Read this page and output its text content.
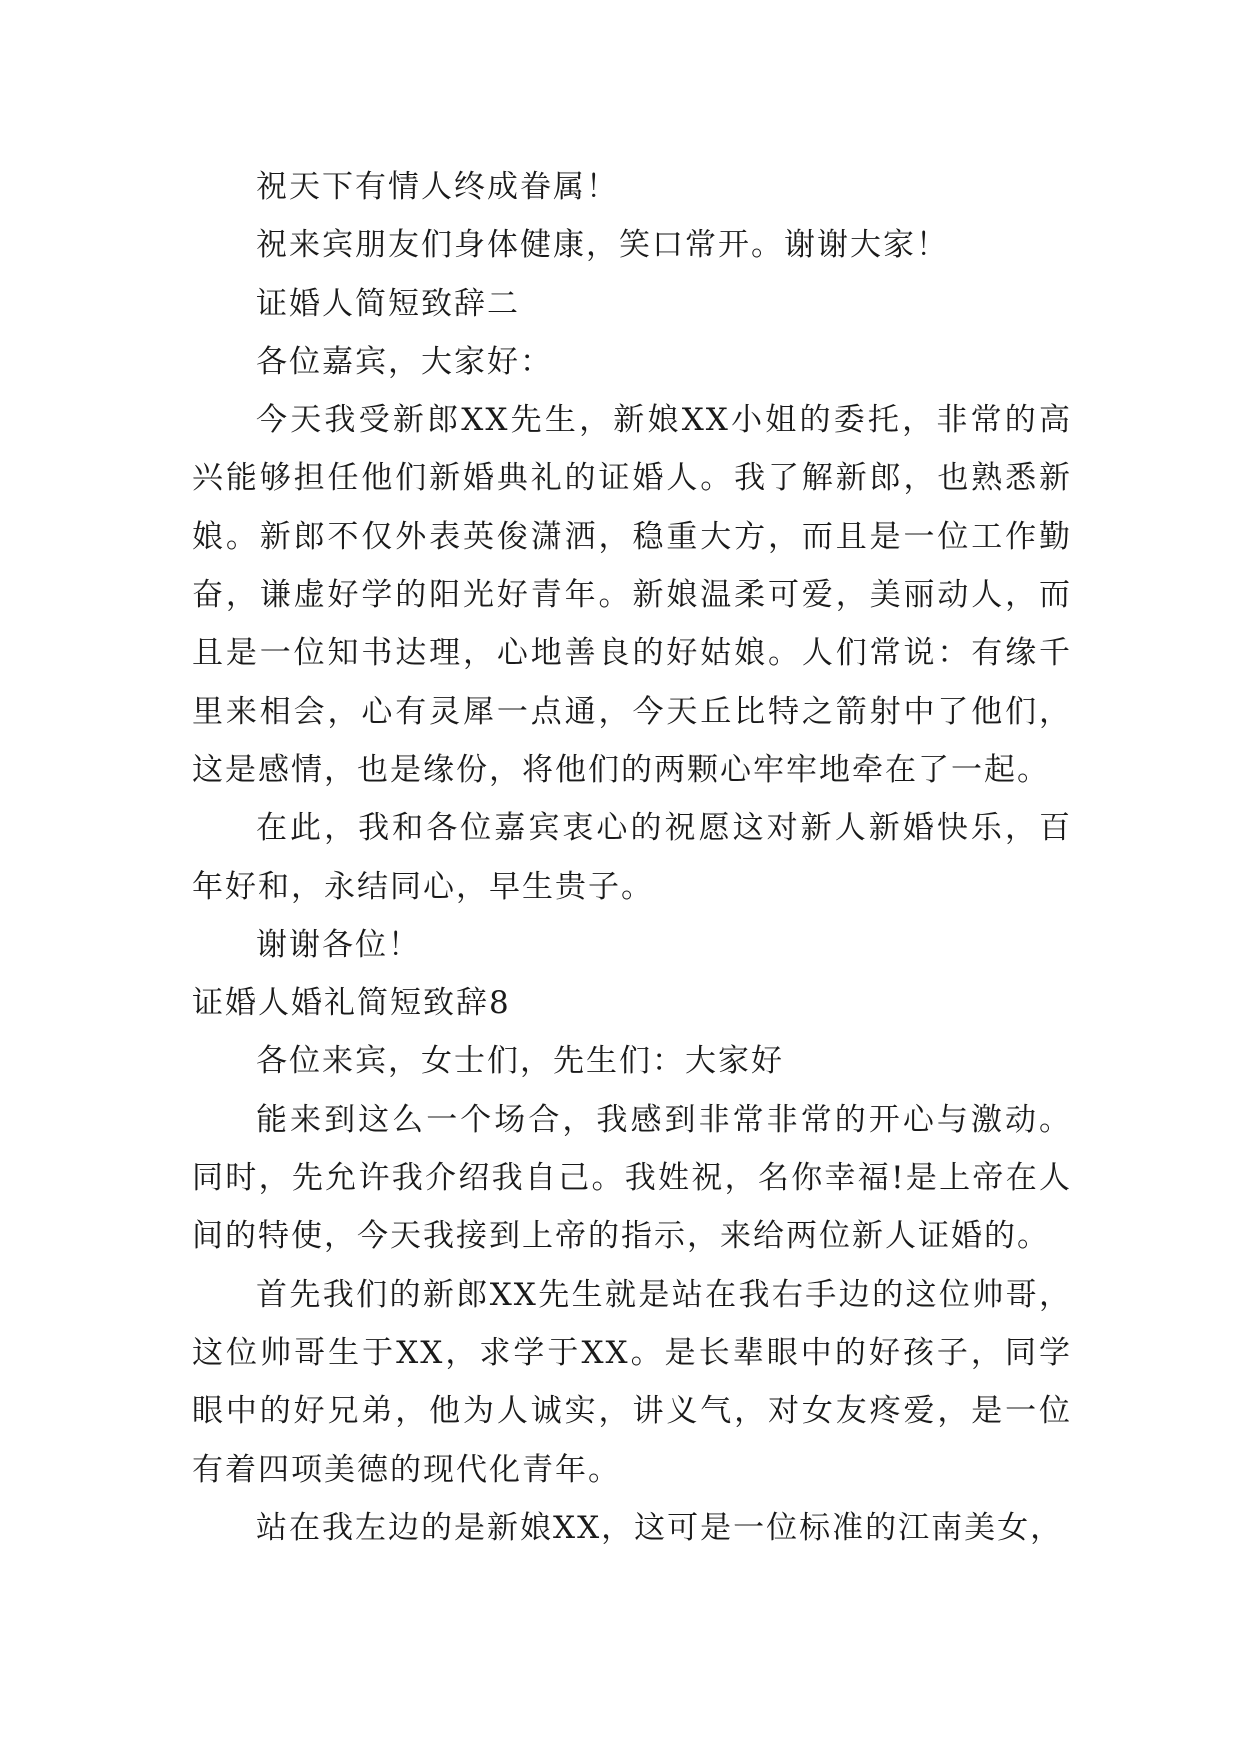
祝天下有情人终成眷属！

祝来宾朋友们身体健康，笑口常开。谢谢大家！

证婚人简短致辞二

各位嘉宾，大家好：

今天我受新郎XX先生，新娘XX小姐的委托，非常的高兴能够担任他们新婚典礼的证婚人。我了解新郎，也熟悉新娘。新郎不仅外表英俊潇洒，稳重大方，而且是一位工作勤奋，谦虚好学的阳光好青年。新娘温柔可爱，美丽动人，而且是一位知书达理，心地善良的好姑娘。人们常说：有缘千里来相会，心有灵犀一点通，今天丘比特之箭射中了他们，这是感情，也是缘份，将他们的两颗心牢牢地牵在了一起。

在此，我和各位嘉宾衷心的祝愿这对新人新婚快乐，百年好和，永结同心，早生贵子。

谢谢各位！

证婚人婚礼简短致辞8

各位来宾，女士们，先生们：大家好

能来到这么一个场合，我感到非常非常的开心与激动。同时，先允许我介绍我自己。我姓祝，名你幸福!是上帝在人间的特使，今天我接到上帝的指示，来给两位新人证婚的。

首先我们的新郎XX先生就是站在我右手边的这位帅哥，这位帅哥生于XX，求学于XX。是长辈眼中的好孩子，同学眼中的好兄弟，他为人诚实，讲义气，对女友疼爱，是一位有着四项美德的现代化青年。

站在我左边的是新娘XX，这可是一位标准的江南美女，
